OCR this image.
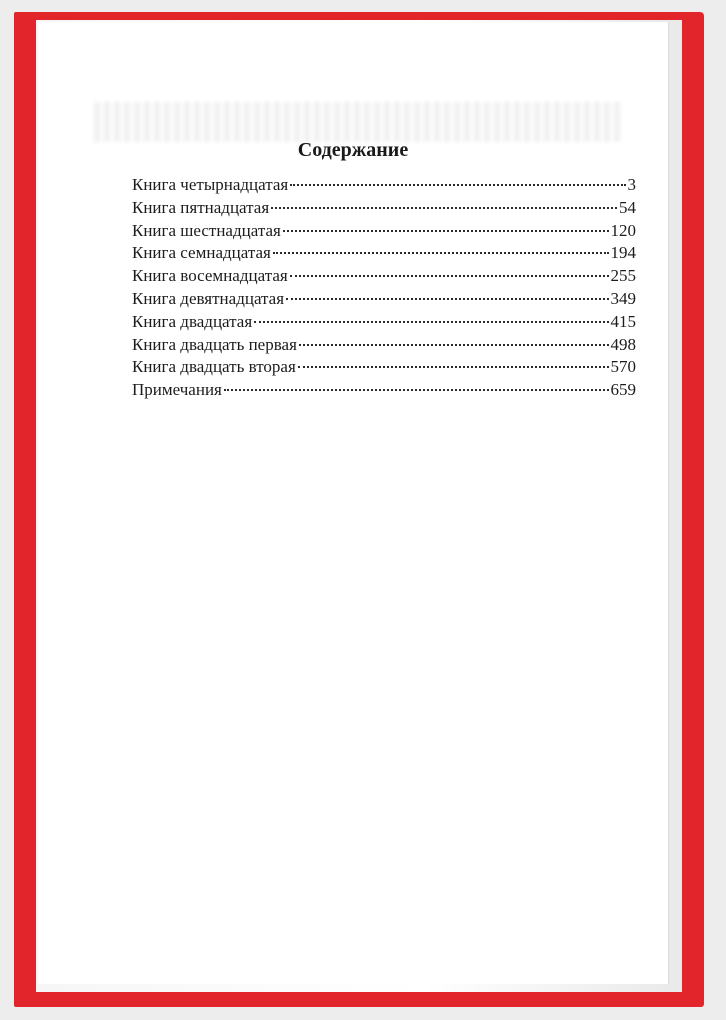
Содержание
Книга четырнадцатая	3
Книга пятнадцатая	54
Книга шестнадцатая	120
Книга семнадцатая	194
Книга восемнадцатая	255
Книга девятнадцатая	349
Книга двадцатая	415
Книга двадцать первая	498
Книга двадцать вторая	570
Примечания	659
